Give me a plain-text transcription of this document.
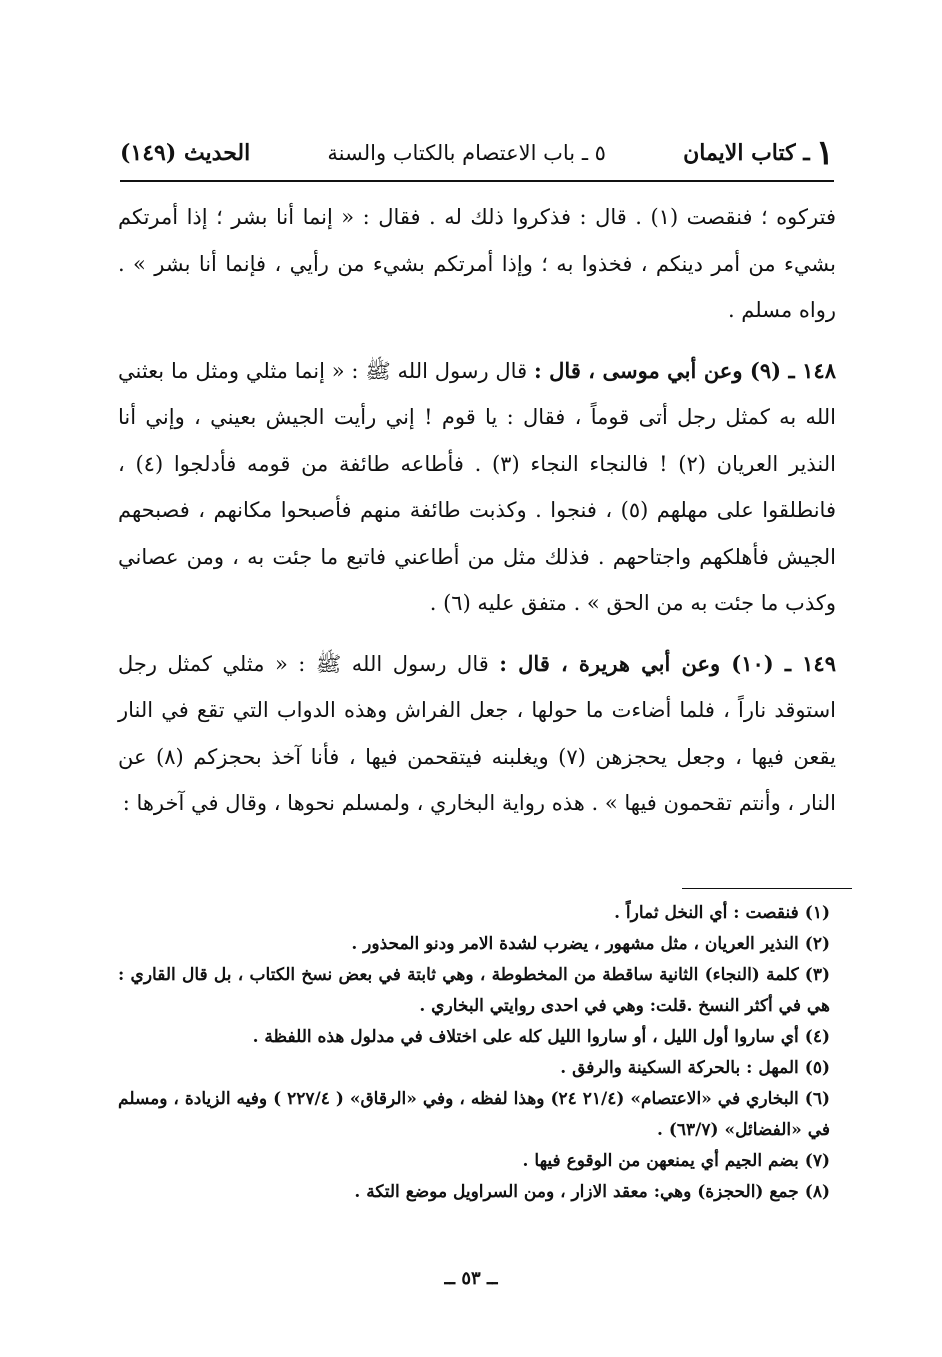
١
ـ كتاب الايمان
٥ ـ باب الاعتصام بالكتاب والسنة
الحديث (١٤٩)

فتركوه ؛ فنقصت (١) . قال : فذكروا ذلك له . فقال : « إنما أنا بشر ؛ إذا أمرتكم بشيء من أمر دينكم ، فخذوا به ؛ وإذا أمرتكم بشيء من رأيي ، فإنما أنا بشر » . رواه مسلم .

١٤٨ ـ (٩) وعن أبي موسى ، قال : قال رسول الله ﷺ : « إنما مثلي ومثل ما بعثني الله به كمثل رجل أتى قوماً ، فقال : يا قوم ! إني رأيت الجيش بعيني ، وإني أنا النذير العريان (٢) ! فالنجاء النجاء (٣) . فأطاعه طائفة من قومه فأدلجوا (٤) ، فانطلقوا على مهلهم (٥) ، فنجوا . وكذبت طائفة منهم فأصبحوا مكانهم ، فصبحهم الجيش فأهلكهم واجتاحهم . فذلك مثل من أطاعني فاتبع ما جئت به ، ومن عصاني وكذب ما جئت به من الحق » . متفق عليه (٦) .

١٤٩ ـ (١٠) وعن أبي هريرة ، قال : قال رسول الله ﷺ : « مثلي كمثل رجل استوقد ناراً ، فلما أضاءت ما حولها ، جعل الفراش وهذه الدواب التي تقع في النار يقعن فيها ، وجعل يحجزهن (٧) ويغلبنه فيتقحمن فيها ، فأنا آخذ بحجزكم (٨) عن النار ، وأنتم تقحمون فيها » . هذه رواية البخاري ، ولمسلم نحوها ، وقال في آخرها :

(١)فنقصت : أي النخل ثماراً .

(٢)النذير العريان ، مثل مشهور ، يضرب لشدة الامر ودنو المحذور .

(٣)كلمة (النجاء) الثانية ساقطة من المخطوطة ، وهي ثابتة في بعض نسخ الكتاب ، بل قال القاري : هي في أكثر النسخ .قلت: وهي في احدى روايتي البخاري .

(٤)أي ساروا أول الليل ، أو ساروا الليل كله على اختلاف في مدلول هذه اللفظة .

(٥)المهل : بالحركة السكينة والرفق .

(٦)البخاري في «الاعتصام» (٢١/٤ ٢٤) وهذا لفظه ، وفي «الرقاق» ( ٢٢٧/٤ ) وفيه الزيادة ، ومسلم في «الفضائل» (٦٣/٧) .

(٧)بضم الجيم أي يمنعهن من الوقوع فيها .

(٨)جمع (الحجزة) وهي: معقد الازار ، ومن السراويل موضع التكة .

ــ ٥٣ ــ
